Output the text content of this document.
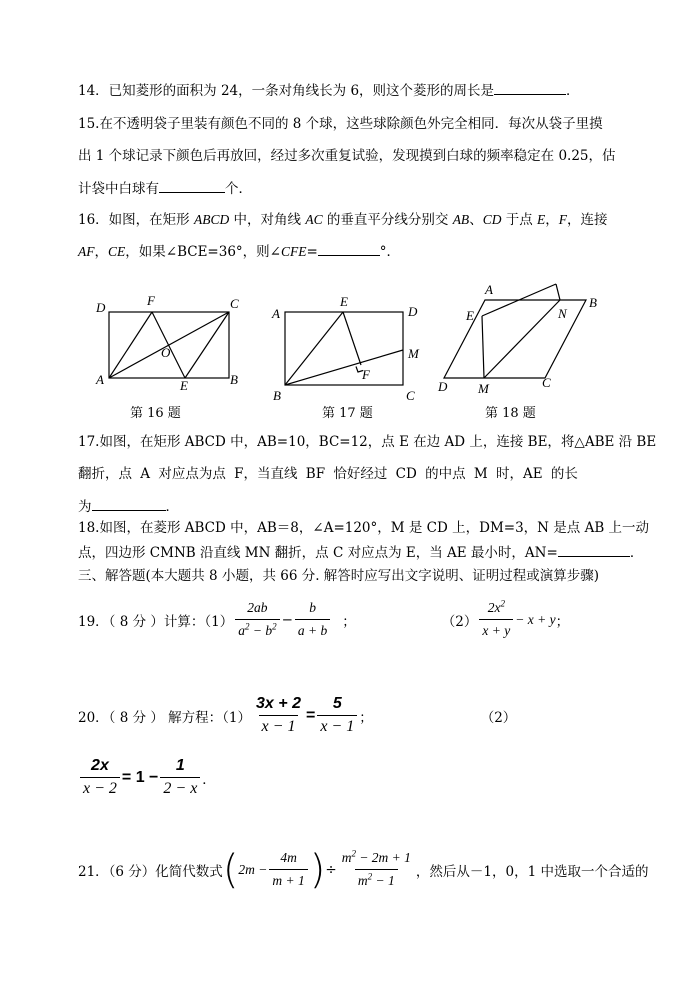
14．已知菱形的面积为 24，一条对角线长为 6，则这个菱形的周长是	．
15.在不透明袋子里装有颜色不同的 8 个球，这些球除颜色外完全相同．每次从袋子里摸
出 1 个球记录下颜色后再放回，经过多次重复试验，发现摸到白球的频率稳定在 0.25，估
计袋中白球有	个．
16．如图，在矩形 ABCD 中，对角线 AC 的垂直平分线分别交 AB、CD 于点 E，F，连接
AF，CE，如果∠BCE=36°，则∠CFE=	°．
D	F	C
O
A	E	B
A
E
D
M
F
B	C
A
B
E	N
D M	C
第 16 题	第 17 题	第 18 题
17.如图，在矩形 ABCD 中，AB=10，BC=12，点 E 在边 AD 上，连接 BE，将△ABE 沿 BE
翻折，点 A 对应点为点 F，当直线 BF 恰好经过 CD 的中点 M 时，AE 的长
为	．
18.如图，在菱形 ABCD 中，AB＝8，∠A=120°，M 是 CD 上，DM=3，N 是点 AB 上一动
点，四边形 CMNB 沿直线 MN 翻折，点 C 对应点为 E，当 AE 最小时，AN=	．
三、解答题(本大题共 8 小题，共 66 分. 解答时应写出文字说明、证明过程或演算步骤)
19．（ 8 分 ）计算：$(1) \frac{2ab}{a^2 - b^2} - \frac{b}{a + b}$ ；	$(2) \frac{2x^2}{x + y} - x + y$ ；
20．（ 8 分 ） 解方程：$(1) \frac{3x + 2}{x - 1} = \frac{5}{x - 1}$ ；	（2）
$\frac{2x}{x - 2} = 1 - \frac{1}{2 - x}$ ．
21．（6 分）化简代数式 ( $2m - \frac{4m}{m + 1}$ ) ÷ $\frac{m^2 - 2m + 1}{m^2 - 1}$ ，然后从－1，0，1 中选取一个合适的
